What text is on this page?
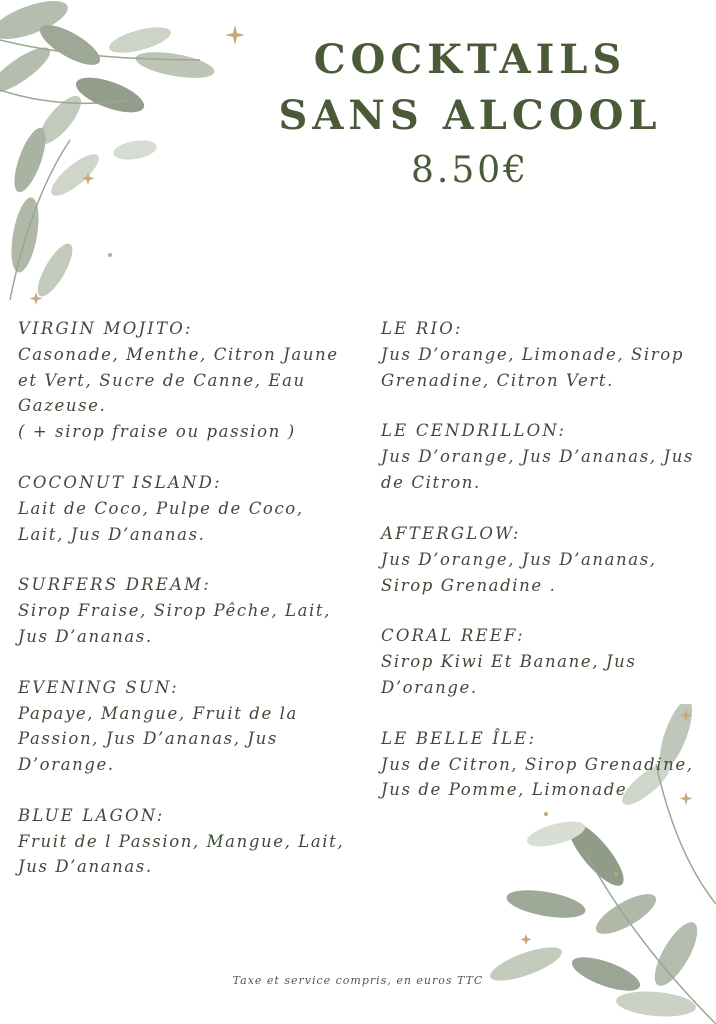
COCKTAILS
SANS ALCOOL
8.50€
VIRGIN MOJITO:
Casonade, Menthe, Citron Jaune et Vert, Sucre de Canne, Eau Gazeuse.
( + sirop fraise ou passion )
COCONUT ISLAND:
Lait de Coco, Pulpe de Coco, Lait, Jus D’ananas.
SURFERS DREAM:
Sirop Fraise, Sirop Pêche, Lait, Jus D’ananas.
EVENING SUN:
Papaye, Mangue, Fruit de la Passion, Jus D’ananas, Jus D’orange.
BLUE LAGON:
Fruit de l Passion, Mangue, Lait, Jus D’ananas.
LE RIO:
Jus D’orange, Limonade, Sirop Grenadine, Citron Vert.
LE CENDRILLON:
Jus D’orange, Jus D’ananas, Jus de Citron.
AFTERGLOW:
Jus D’orange, Jus D’ananas, Sirop Grenadine .
CORAL REEF:
Sirop Kiwi Et Banane, Jus D’orange.
LE BELLE ÎLE:
Jus de Citron, Sirop Grenadine, Jus de Pomme, Limonade
Taxe et service compris, en euros TTC
